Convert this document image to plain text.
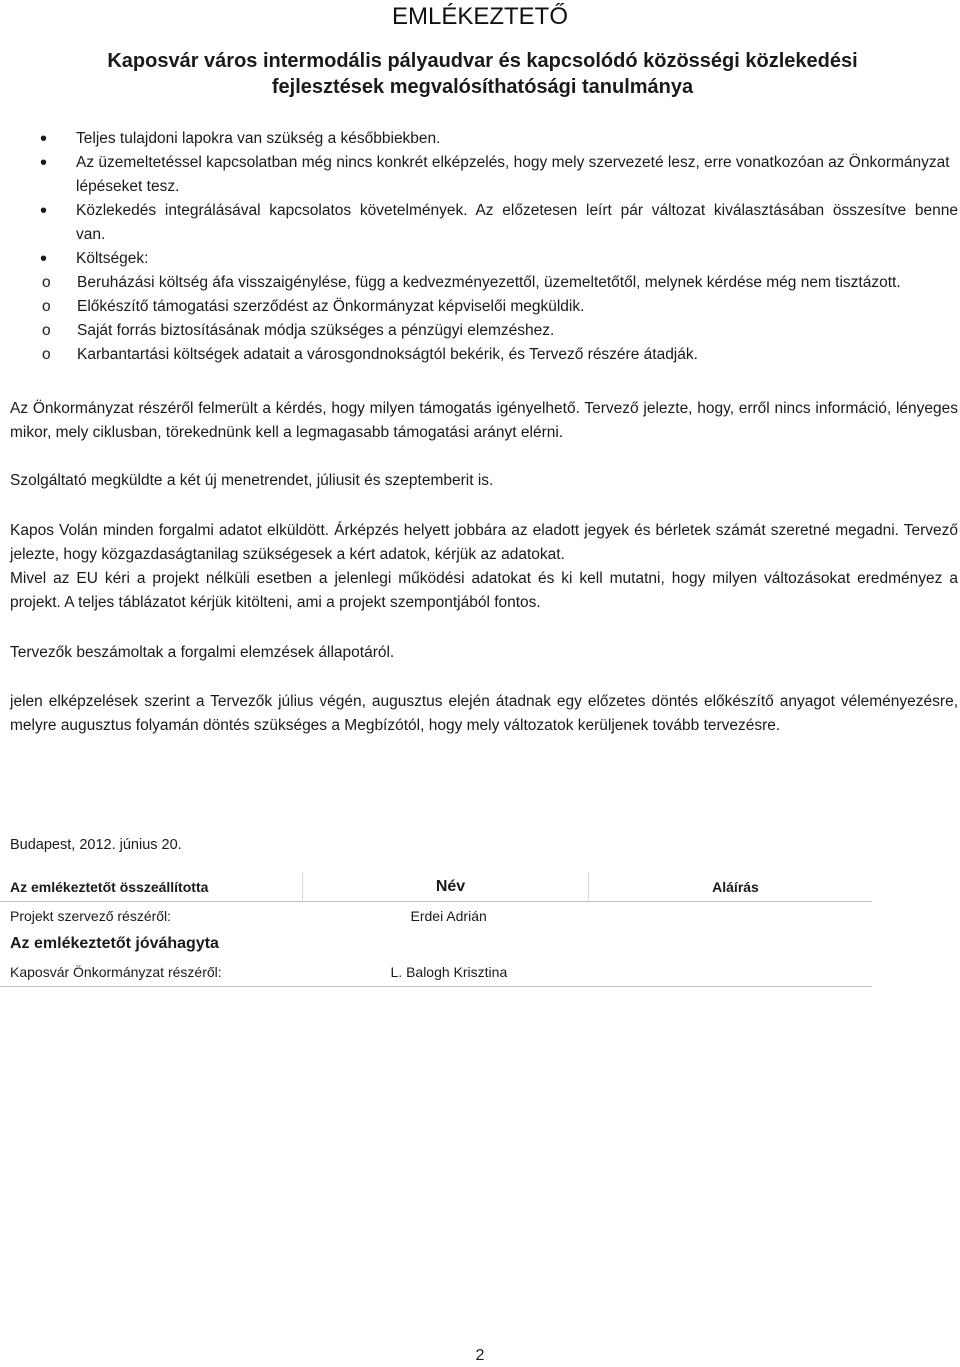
EMLÉKEZTETŐ
Kaposvár város intermodális pályaudvar és kapcsolódó közösségi közlekedési
fejlesztések megvalósíthatósági tanulmánya
• Teljes tulajdoni lapokra van szükség a későbbiekben.
• Az üzemeltetéssel kapcsolatban még nincs konkrét elképzelés, hogy mely szervezeté lesz, erre vonatkozóan az Önkormányzat lépéseket tesz.
• Közlekedés integrálásával kapcsolatos követelmények. Az előzetesen leírt pár változat kiválasztásában összesítve benne van.
• Költségek:
o Beruházási költség áfa visszaigénylése, függ a kedvezményezettől, üzemeltetőtől, melynek kérdése még nem tisztázott.
o Előkészítő támogatási szerződést az Önkormányzat képviselői megküldik.
o Saját forrás biztosításának módja szükséges a pénzügyi elemzéshez.
o Karbantartási költségek adatait a városgondnokságtól bekérik, és Tervező részére átadják.
Az Önkormányzat részéről felmerült a kérdés, hogy milyen támogatás igényelhető. Tervező jelezte, hogy, erről nincs információ, lényeges mikor, mely ciklusban, törekednünk kell a legmagasabb támogatási arányt elérni.
Szolgáltató megküldte a két új menetrendet, júliusit és szeptemberit is.
Kapos Volán minden forgalmi adatot elküldött. Árképzés helyett jobbára az eladott jegyek és bérletek számát szeretné megadni. Tervező jelezte, hogy közgazdaságtanilag szükségesek a kért adatok, kérjük az adatokat.
Mivel az EU kéri a projekt nélküli esetben a jelenlegi működési adatokat és ki kell mutatni, hogy milyen változásokat eredményez a projekt. A teljes táblázatot kérjük kitölteni, ami a projekt szempontjából fontos.
Tervezők beszámoltak a forgalmi elemzések állapotáról.
jelen elképzelések szerint a Tervezők július végén, augusztus elején átadnak egy előzetes döntés előkészítő anyagot véleményezésre, melyre augusztus folyamán döntés szükséges a Megbízótól, hogy mely változatok kerüljenek tovább tervezésre.
Budapest, 2012. június 20.
Az emlékeztetőt összeállította	Név	Aláírás
Projekt szervező részéről:	Erdei Adrián	
Az emlékeztetőt jóváhagyta		
Kaposvár Önkormányzat részéről:	L. Balogh Krisztina	
2
